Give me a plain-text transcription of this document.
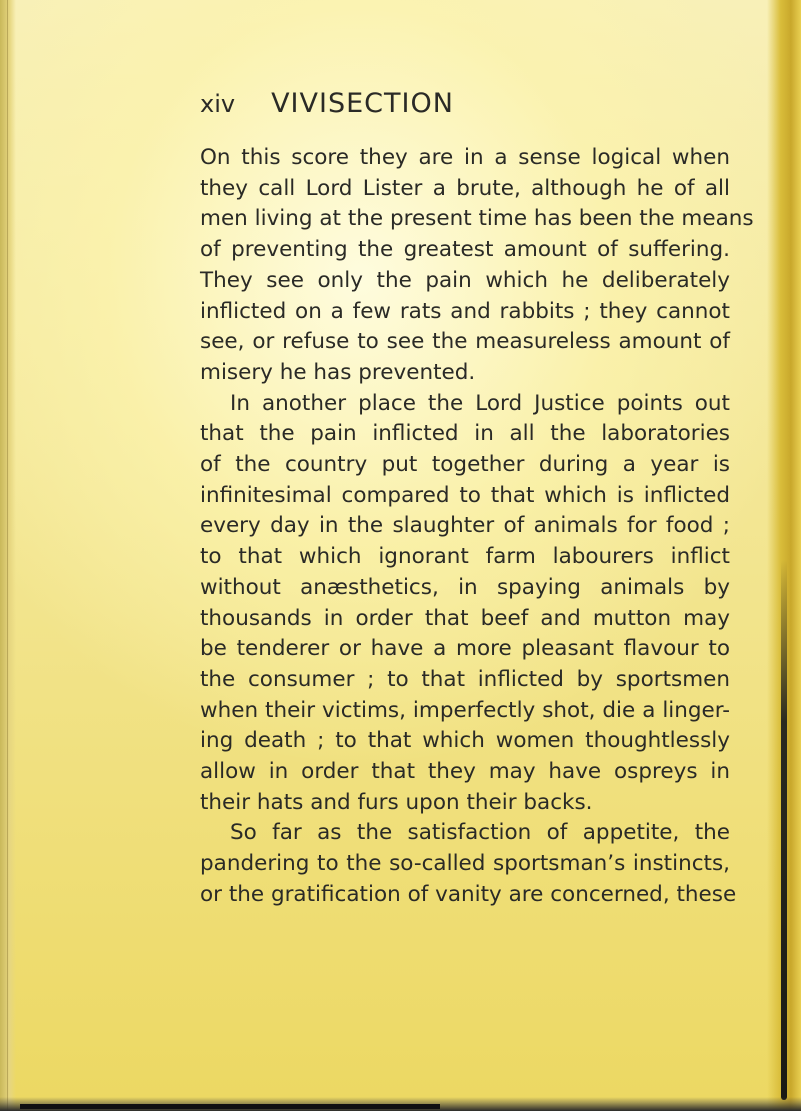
xiv VIVISECTION
On this score they are in a sense logical when
they call Lord Lister a brute, although he of all
men living at the present time has been the means
of preventing the greatest amount of suffering.
They see only the pain which he deliberately
inflicted on a few rats and rabbits ; they cannot
see, or refuse to see the measureless amount of
misery he has prevented.
In another place the Lord Justice points out
that the pain inflicted in all the laboratories
of the country put together during a year is
infinitesimal compared to that which is inflicted
every day in the slaughter of animals for food ;
to that which ignorant farm labourers inflict
without anæsthetics, in spaying animals by
thousands in order that beef and mutton may
be tenderer or have a more pleasant flavour to
the consumer ; to that inflicted by sportsmen
when their victims, imperfectly shot, die a linger-
ing death ; to that which women thoughtlessly
allow in order that they may have ospreys in
their hats and furs upon their backs.
So far as the satisfaction of appetite, the
pandering to the so-called sportsman’s instincts,
or the gratification of vanity are concerned, these
